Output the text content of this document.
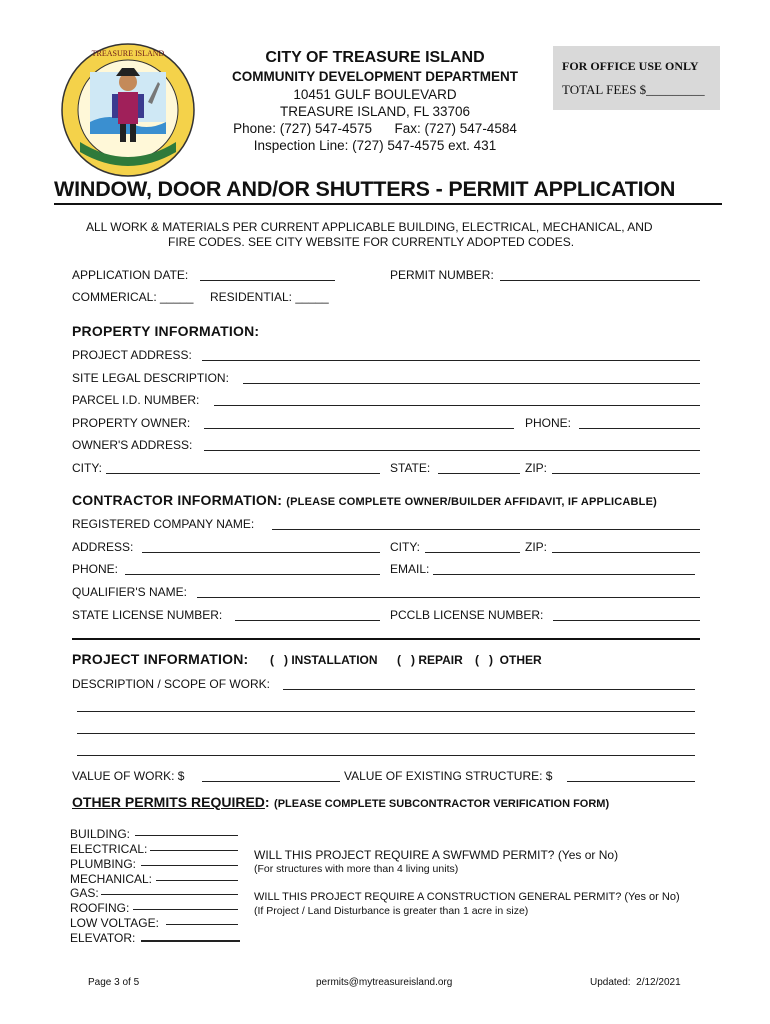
TREASURE ISLAND	CITY OF TREASURE ISLAND
COMMUNITY DEVELOPMENT DEPARTMENT
10451 GULF BOULEVARD
TREASURE ISLAND, FL 33706
Phone: (727) 547-4575      Fax: (727) 547-4584
Inspection Line: (727) 547-4575 ext. 431
FOR OFFICE USE ONLY
TOTAL FEES $_________
WINDOW, DOOR AND/OR SHUTTERS - PERMIT APPLICATION
ALL WORK & MATERIALS PER CURRENT APPLICABLE BUILDING, ELECTRICAL, MECHANICAL, AND
FIRE CODES. SEE CITY WEBSITE FOR CURRENTLY ADOPTED CODES.
APPLICATION DATE:	PERMIT NUMBER:
COMMERICAL: _____ RESIDENTIAL: _____
PROPERTY INFORMATION:
PROJECT ADDRESS:
SITE LEGAL DESCRIPTION:
PARCEL I.D. NUMBER:
PROPERTY OWNER:	PHONE:
OWNER'S ADDRESS:
CITY:	STATE:	ZIP:
CONTRACTOR INFORMATION: (PLEASE COMPLETE OWNER/BUILDER AFFIDAVIT, IF APPLICABLE)
REGISTERED COMPANY NAME:
ADDRESS:	CITY:	ZIP:
PHONE:	EMAIL:
QUALIFIER'S NAME:
STATE LICENSE NUMBER:	PCCLB LICENSE NUMBER:
PROJECT INFORMATION: (   ) INSTALLATION (   ) REPAIR (   )  OTHER
DESCRIPTION / SCOPE OF WORK:
VALUE OF WORK: $	VALUE OF EXISTING STRUCTURE: $
OTHER PERMITS REQUIRED: (PLEASE COMPLETE SUBCONTRACTOR VERIFICATION FORM)
BUILDING:
ELECTRICAL:
PLUMBING:
MECHANICAL:
GAS:
ROOFING:
LOW VOLTAGE:
ELEVATOR:
WILL THIS PROJECT REQUIRE A SWFWMD PERMIT? (Yes or No)
(For structures with more than 4 living units)
WILL THIS PROJECT REQUIRE A CONSTRUCTION GENERAL PERMIT? (Yes or No)
(If Project / Land Disturbance is greater than 1 acre in size)
Page 3 of 5	permits@mytreasureisland.org	Updated:  2/12/2021
